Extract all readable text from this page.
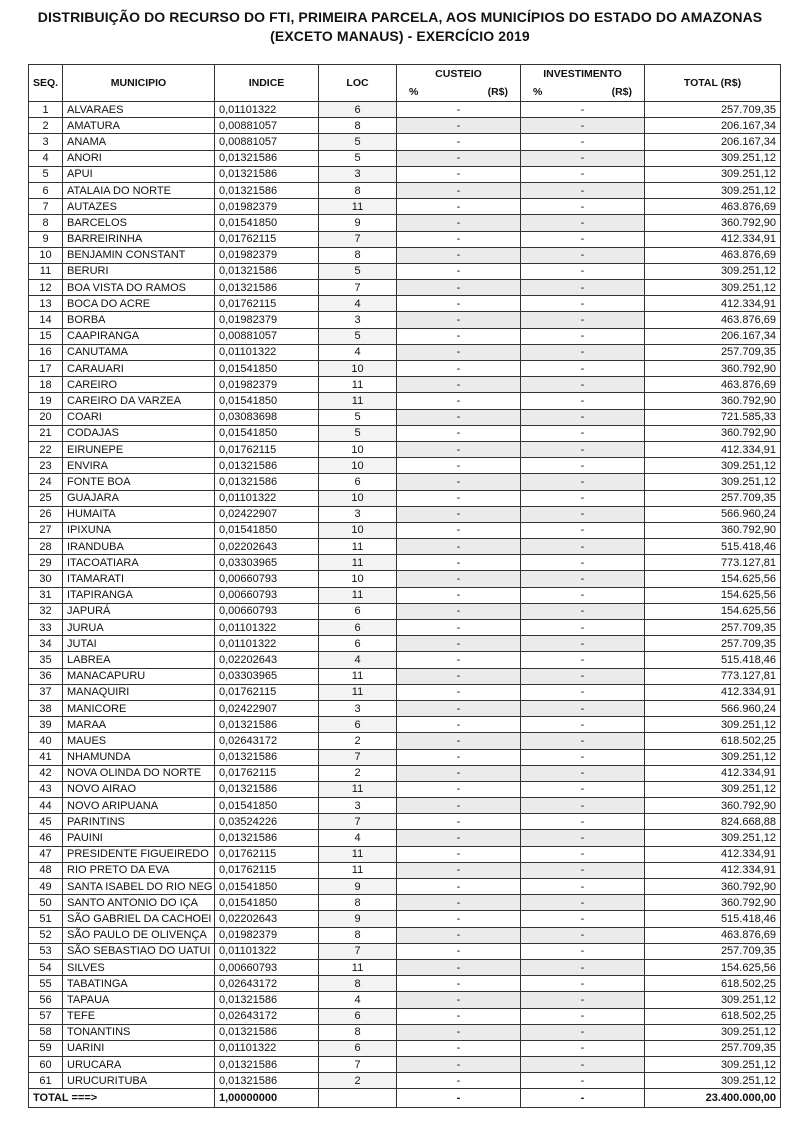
DISTRIBUIÇÃO DO RECURSO DO FTI, PRIMEIRA PARCELA, AOS MUNICÍPIOS DO ESTADO DO AMAZONAS (EXCETO MANAUS) - EXERCÍCIO 2019
SEQ.	MUNICIPIO	INDICE	LOC	CUSTEIO	INVESTIMENTO	TOTAL (R$)

				% (R$)	% (R$)	

1	ALVARAES	0,01101322	6	-	-	257.709,35
2	AMATURA	0,00881057	8	-	-	206.167,34
3	ANAMA	0,00881057	5	-	-	206.167,34
4	ANORI	0,01321586	5	-	-	309.251,12
5	APUI	0,01321586	3	-	-	309.251,12
6	ATALAIA DO NORTE	0,01321586	8	-	-	309.251,12
7	AUTAZES	0,01982379	11	-	-	463.876,69
8	BARCELOS	0,01541850	9	-	-	360.792,90
9	BARREIRINHA	0,01762115	7	-	-	412.334,91
10	BENJAMIN CONSTANT	0,01982379	8	-	-	463.876,69
11	BERURI	0,01321586	5	-	-	309.251,12
12	BOA VISTA DO RAMOS	0,01321586	7	-	-	309.251,12
13	BOCA DO ACRE	0,01762115	4	-	-	412.334,91
14	BORBA	0,01982379	3	-	-	463.876,69
15	CAAPIRANGA	0,00881057	5	-	-	206.167,34
16	CANUTAMA	0,01101322	4	-	-	257.709,35
17	CARAUARI	0,01541850	10	-	-	360.792,90
18	CAREIRO	0,01982379	11	-	-	463.876,69
19	CAREIRO DA VARZEA	0,01541850	11	-	-	360.792,90
20	COARI	0,03083698	5	-	-	721.585,33
21	CODAJAS	0,01541850	5	-	-	360.792,90
22	EIRUNEPE	0,01762115	10	-	-	412.334,91
23	ENVIRA	0,01321586	10	-	-	309.251,12
24	FONTE BOA	0,01321586	6	-	-	309.251,12
25	GUAJARA	0,01101322	10	-	-	257.709,35
26	HUMAITA	0,02422907	3	-	-	566.960,24
27	IPIXUNA	0,01541850	10	-	-	360.792,90
28	IRANDUBA	0,02202643	11	-	-	515.418,46
29	ITACOATIARA	0,03303965	11	-	-	773.127,81
30	ITAMARATI	0,00660793	10	-	-	154.625,56
31	ITAPIRANGA	0,00660793	11	-	-	154.625,56
32	JAPURÁ	0,00660793	6	-	-	154.625,56
33	JURUA	0,01101322	6	-	-	257.709,35
34	JUTAI	0,01101322	6	-	-	257.709,35
35	LABREA	0,02202643	4	-	-	515.418,46
36	MANACAPURU	0,03303965	11	-	-	773.127,81
37	MANAQUIRI	0,01762115	11	-	-	412.334,91
38	MANICORE	0,02422907	3	-	-	566.960,24
39	MARAA	0,01321586	6	-	-	309.251,12
40	MAUES	0,02643172	2	-	-	618.502,25
41	NHAMUNDA	0,01321586	7	-	-	309.251,12
42	NOVA OLINDA DO NORTE	0,01762115	2	-	-	412.334,91
43	NOVO AIRAO	0,01321586	11	-	-	309.251,12
44	NOVO ARIPUANA	0,01541850	3	-	-	360.792,90
45	PARINTINS	0,03524226	7	-	-	824.668,88
46	PAUINI	0,01321586	4	-	-	309.251,12
47	PRESIDENTE FIGUEIREDO	0,01762115	11	-	-	412.334,91
48	RIO PRETO DA EVA	0,01762115	11	-	-	412.334,91
49	SANTA ISABEL DO RIO NEG	0,01541850	9	-	-	360.792,90
50	SANTO ANTONIO DO IÇA	0,01541850	8	-	-	360.792,90
51	SÃO GABRIEL DA CACHOEI	0,02202643	9	-	-	515.418,46
52	SÃO PAULO DE OLIVENÇA	0,01982379	8	-	-	463.876,69
53	SÃO SEBASTIAO DO UATUI	0,01101322	7	-	-	257.709,35
54	SILVES	0,00660793	11	-	-	154.625,56
55	TABATINGA	0,02643172	8	-	-	618.502,25
56	TAPAUA	0,01321586	4	-	-	309.251,12
57	TEFE	0,02643172	6	-	-	618.502,25
58	TONANTINS	0,01321586	8	-	-	309.251,12
59	UARINI	0,01101322	6	-	-	257.709,35
60	URUCARA	0,01321586	7	-	-	309.251,12
61	URUCURITUBA	0,01321586	2	-	-	309.251,12
TOTAL ===>		1,00000000		-	-	23.400.000,00
